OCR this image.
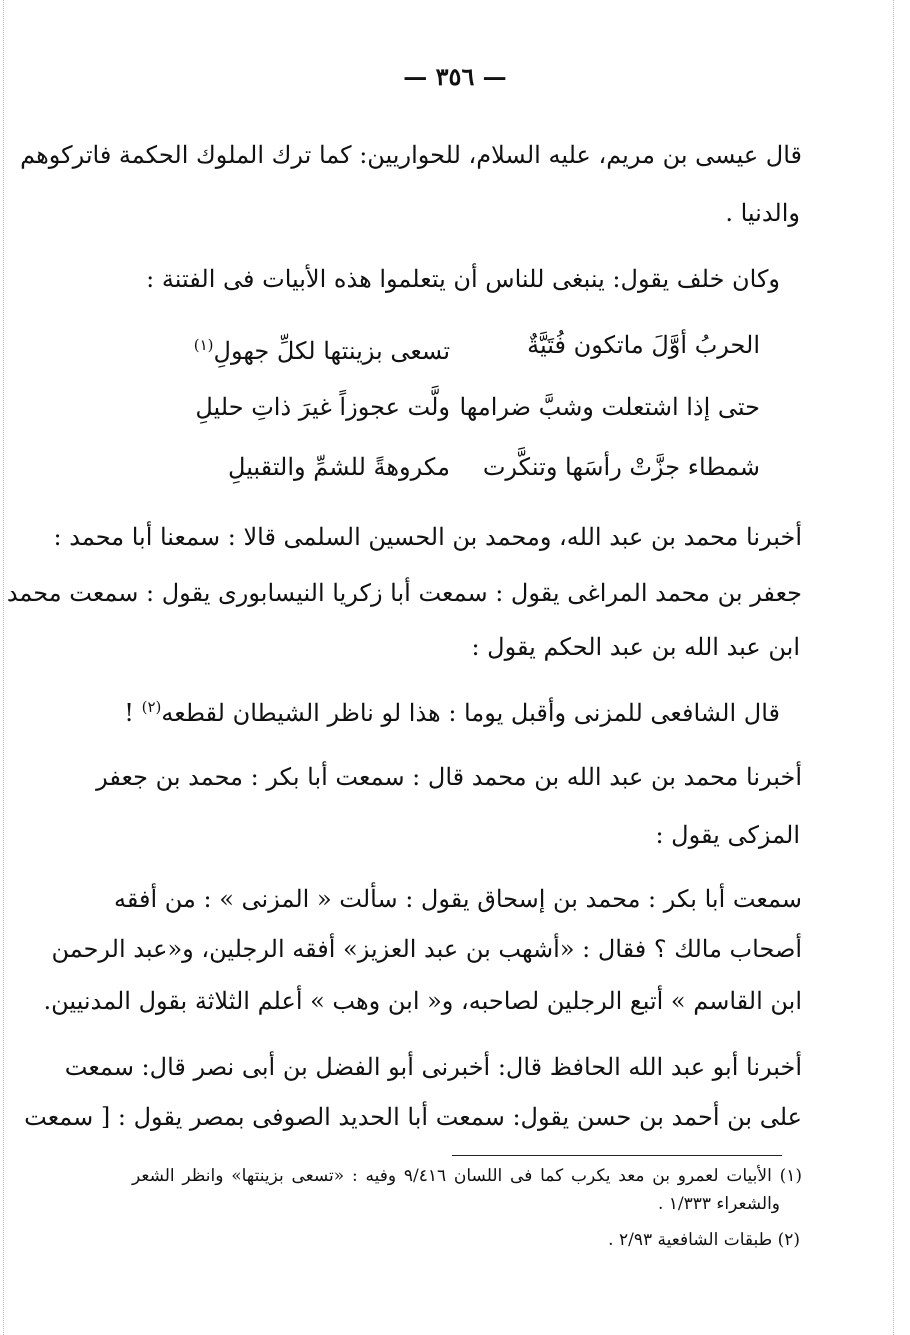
— ٣٥٦ —
قال عيسى بن مريم، عليه السلام، للحواريين: كما ترك الملوك الحكمة فاتركوهم
والدنيا .
وكان خلف يقول: ينبغى للناس أن يتعلموا هذه الأبيات فى الفتنة :
الحربُ أوَّلَ ماتكون فُتَيَّةٌ
تسعى بزينتها لكلِّ جهولِ$^{(١)}$
حتى إذا اشتعلت وشبَّ ضرامها
ولَّت عجوزاً غيرَ ذاتِ حليلِ
شمطاء جزَّتْ رأسَها وتنكَّرت
مكروهةً للشمِّ والتقبيلِ
أخبرنا محمد بن عبد الله، ومحمد بن الحسين السلمى قالا : سمعنا أبا محمد :
جعفر بن محمد المراغى يقول : سمعت أبا زكريا النيسابورى يقول : سمعت محمد
ابن عبد الله بن عبد الحكم يقول :
قال الشافعى للمزنى وأقبل يوما : هذا لو ناظر الشيطان لقطعه$^{(٢)}$ !
أخبرنا محمد بن عبد الله بن محمد قال : سمعت أبا بكر : محمد بن جعفر
المزكى يقول :
سمعت أبا بكر : محمد بن إسحاق يقول : سألت « المزنى » : من أفقه
أصحاب مالك ؟ فقال : «أشهب بن عبد العزيز» أفقه الرجلين، و«عبد الرحمن
ابن القاسم » أتبع الرجلين لصاحبه، و« ابن وهب » أعلم الثلاثة بقول المدنيين.
أخبرنا أبو عبد الله الحافظ قال: أخبرنى أبو الفضل بن أبى نصر قال: سمعت
على بن أحمد بن حسن يقول: سمعت أبا الحديد الصوفى بمصر يقول : [ سمعت
(١) الأبيات لعمرو بن معد يكرب كما فى اللسان ٩/٤١٦ وفيه : «تسعى بزينتها» وانظر الشعر
والشعراء ١/٣٣٣ .
(٢) طبقات الشافعية ٢/٩٣ .
